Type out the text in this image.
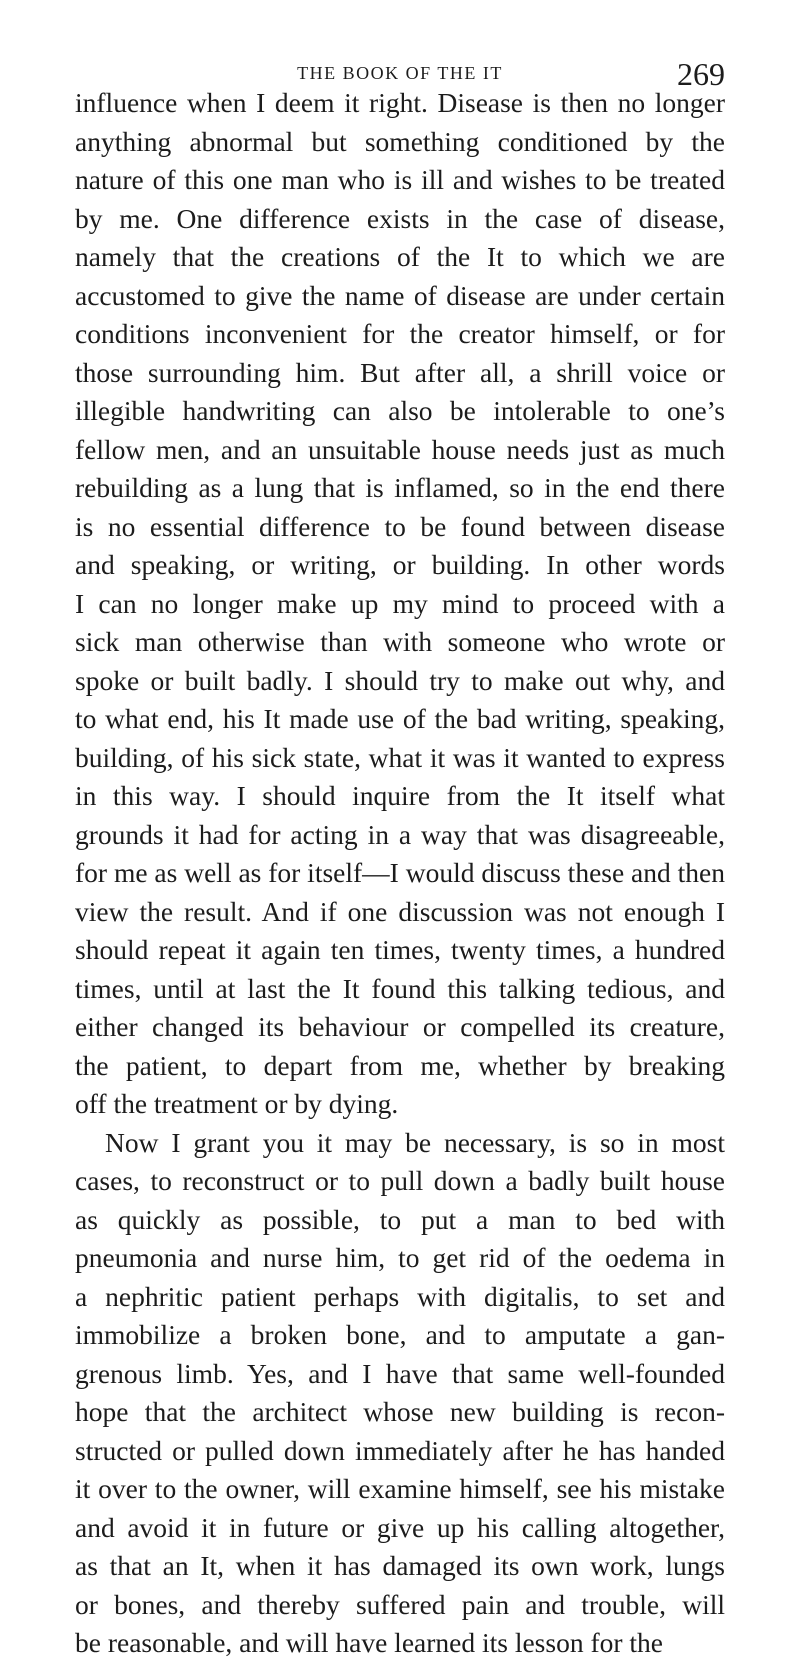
THE BOOK OF THE IT	269
influence when I deem it right. Disease is then no longer
anything abnormal but something conditioned by the
nature of this one man who is ill and wishes to be treated
by me. One difference exists in the case of disease,
namely that the creations of the It to which we are
accustomed to give the name of disease are under certain
conditions inconvenient for the creator himself, or for
those surrounding him. But after all, a shrill voice or
illegible handwriting can also be intolerable to one’s
fellow men, and an unsuitable house needs just as much
rebuilding as a lung that is inflamed, so in the end there
is no essential difference to be found between disease
and speaking, or writing, or building. In other words
I can no longer make up my mind to proceed with a
sick man otherwise than with someone who wrote or
spoke or built badly. I should try to make out why, and
to what end, his It made use of the bad writing, speaking,
building, of his sick state, what it was it wanted to express
in this way. I should inquire from the It itself what
grounds it had for acting in a way that was disagreeable,
for me as well as for itself—I would discuss these and then
view the result. And if one discussion was not enough I
should repeat it again ten times, twenty times, a hundred
times, until at last the It found this talking tedious, and
either changed its behaviour or compelled its creature,
the patient, to depart from me, whether by breaking
off the treatment or by dying.
Now I grant you it may be necessary, is so in most
cases, to reconstruct or to pull down a badly built house
as quickly as possible, to put a man to bed with
pneumonia and nurse him, to get rid of the oedema in
a nephritic patient perhaps with digitalis, to set and
immobilize a broken bone, and to amputate a gan-
grenous limb. Yes, and I have that same well-founded
hope that the architect whose new building is recon-
structed or pulled down immediately after he has handed
it over to the owner, will examine himself, see his mistake
and avoid it in future or give up his calling altogether,
as that an It, when it has damaged its own work, lungs
or bones, and thereby suffered pain and trouble, will
be reasonable, and will have learned its lesson for the
